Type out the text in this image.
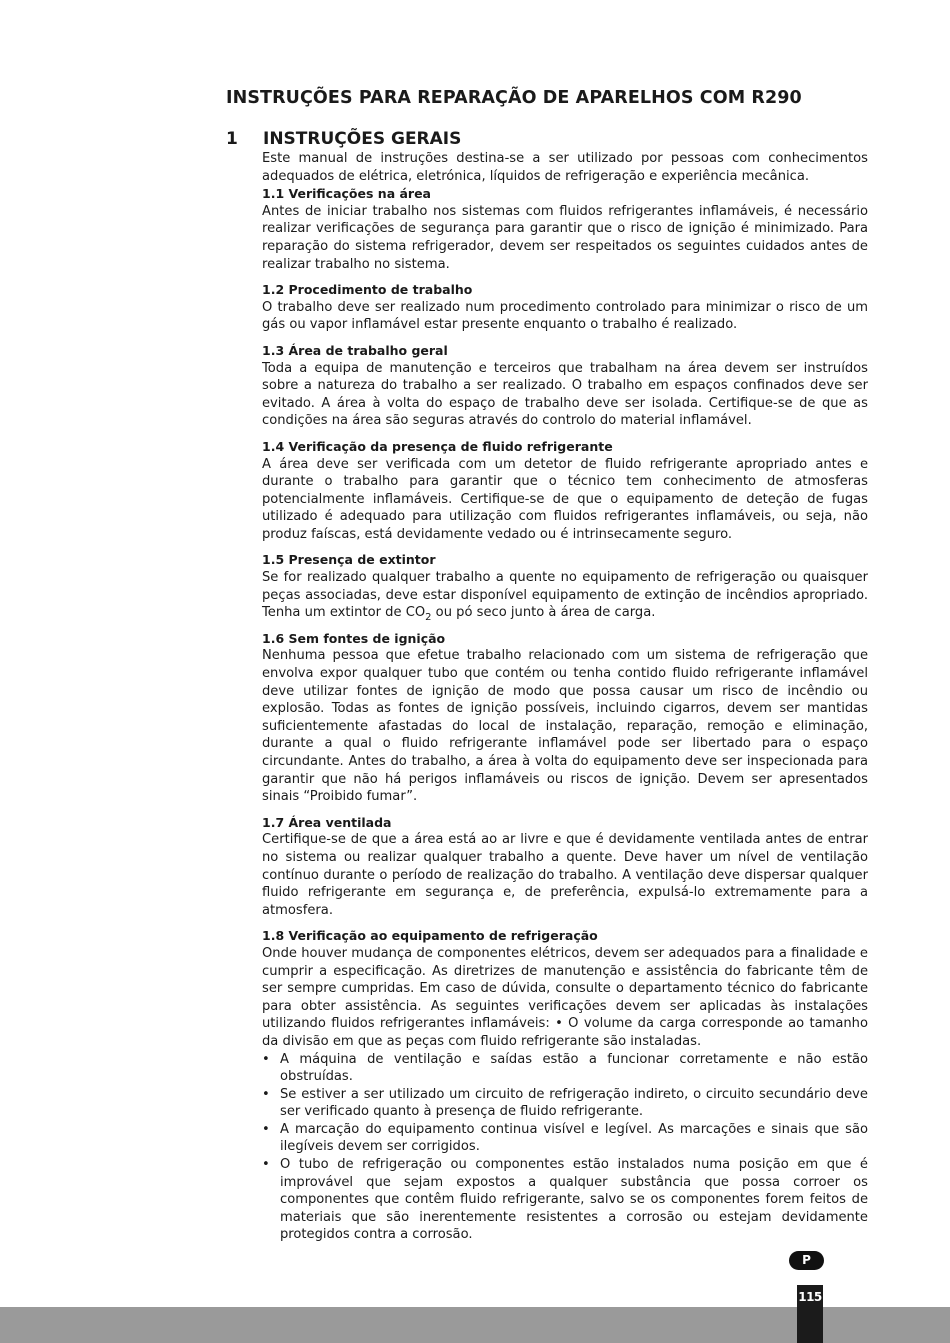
INSTRUÇÕES PARA REPARAÇÃO DE APARELHOS COM R290
1 INSTRUÇÕES GERAIS

Este manual de instruções destina-se a ser utilizado por pessoas com conhecimentos adequados de elétrica, eletrónica, líquidos de refrigeração e experiência mecânica.

1.1 Verificações na área

Antes de iniciar trabalho nos sistemas com fluidos refrigerantes inflamáveis, é necessário realizar verificações de segurança para garantir que o risco de ignição é minimizado. Para reparação do sistema refrigerador, devem ser respeitados os seguintes cuidados antes de realizar trabalho no sistema.

1.2 Procedimento de trabalho

O trabalho deve ser realizado num procedimento controlado para minimizar o risco de um gás ou vapor inflamável estar presente enquanto o trabalho é realizado.

1.3 Área de trabalho geral

Toda a equipa de manutenção e terceiros que trabalham na área devem ser instruídos sobre a natureza do trabalho a ser realizado. O trabalho em espaços confinados deve ser evitado. A área à volta do espaço de trabalho deve ser isolada. Certifique-se de que as condições na área são seguras através do controlo do material inflamável.

1.4 Verificação da presença de fluido refrigerante

A área deve ser verificada com um detetor de fluido refrigerante apropriado antes e durante o trabalho para garantir que o técnico tem conhecimento de atmosferas potencialmente inflamáveis. Certifique-se de que o equipamento de deteção de fugas utilizado é adequado para utilização com fluidos refrigerantes inflamáveis, ou seja, não produz faíscas, está devidamente vedado ou é intrinsecamente seguro.

1.5 Presença de extintor

Se for realizado qualquer trabalho a quente no equipamento de refrigeração ou quaisquer peças associadas, deve estar disponível equipamento de extinção de incêndios apropriado. Tenha um extintor de $CO_2$ ou pó seco junto à área de carga.

1.6 Sem fontes de ignição

Nenhuma pessoa que efetue trabalho relacionado com um sistema de refrigeração que envolva expor qualquer tubo que contém ou tenha contido fluido refrigerante inflamável deve utilizar fontes de ignição de modo que possa causar um risco de incêndio ou explosão. Todas as fontes de ignição possíveis, incluindo cigarros, devem ser mantidas suficientemente afastadas do local de instalação, reparação, remoção e eliminação, durante a qual o fluido refrigerante inflamável pode ser libertado para o espaço circundante. Antes do trabalho, a área à volta do equipamento deve ser inspecionada para garantir que não há perigos inflamáveis ou riscos de ignição. Devem ser apresentados sinais “Proibido fumar”.

1.7 Área ventilada

Certifique-se de que a área está ao ar livre e que é devidamente ventilada antes de entrar no sistema ou realizar qualquer trabalho a quente. Deve haver um nível de ventilação contínuo durante o período de realização do trabalho. A ventilação deve dispersar qualquer fluido refrigerante em segurança e, de preferência, expulsá-lo extremamente para a atmosfera.

1.8 Verificação ao equipamento de refrigeração

Onde houver mudança de componentes elétricos, devem ser adequados para a finalidade e cumprir a especificação. As diretrizes de manutenção e assistência do fabricante têm de ser sempre cumpridas. Em caso de dúvida, consulte o departamento técnico do fabricante para obter assistência. As seguintes verificações devem ser aplicadas às instalações utilizando fluidos refrigerantes inflamáveis: • O volume da carga corresponde ao tamanho da divisão em que as peças com fluido refrigerante são instaladas.

• A máquina de ventilação e saídas estão a funcionar corretamente e não estão obstruídas.
• Se estiver a ser utilizado um circuito de refrigeração indireto, o circuito secundário deve ser verificado quanto à presença de fluido refrigerante.
• A marcação do equipamento continua visível e legível. As marcações e sinais que são ilegíveis devem ser corrigidos.
• O tubo de refrigeração ou componentes estão instalados numa posição em que é improvável que sejam expostos a qualquer substância que possa corroer os componentes que contêm fluido refrigerante, salvo se os componentes forem feitos de materiais que são inerentemente resistentes a corrosão ou estejam devidamente protegidos contra a corrosão.
P
115
